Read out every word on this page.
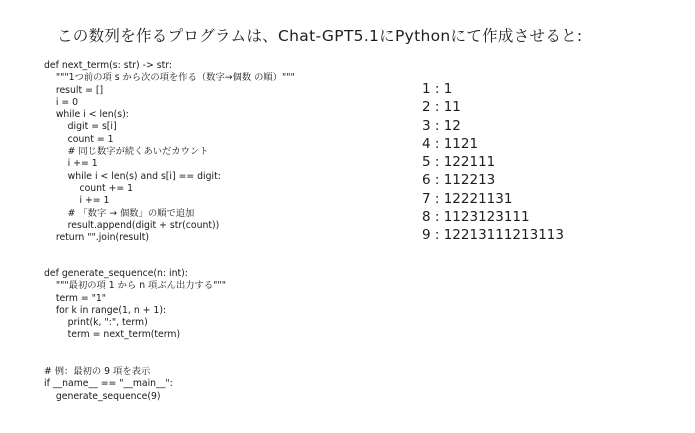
この数列を作るプログラムは、Chat-GPT5.1にPythonにて作成させると:
def next_term(s: str) -> str:
"""1つ前の項 s から次の項を作る（数字→個数 の順）"""
result = []
i = 0
while i < len(s):
digit = s[i]
count = 1
# 同じ数字が続くあいだカウント
i += 1
while i < len(s) and s[i] == digit:
count += 1
i += 1
# 「数字 → 個数」の順で追加
result.append(digit + str(count))
return "".join(result)
def generate_sequence(n: int):
"""最初の項 1 から n 項ぶん出力する"""
term = "1"
for k in range(1, n + 1):
print(k, ":", term)
term = next_term(term)
# 例：最初の 9 項を表示
if __name__ == "__main__":
generate_sequence(9)
1 : 1
2 : 11
3 : 12
4 : 1121
5 : 122111
6 : 112213
7 : 12221131
8 : 1123123111
9 : 12213111213113
